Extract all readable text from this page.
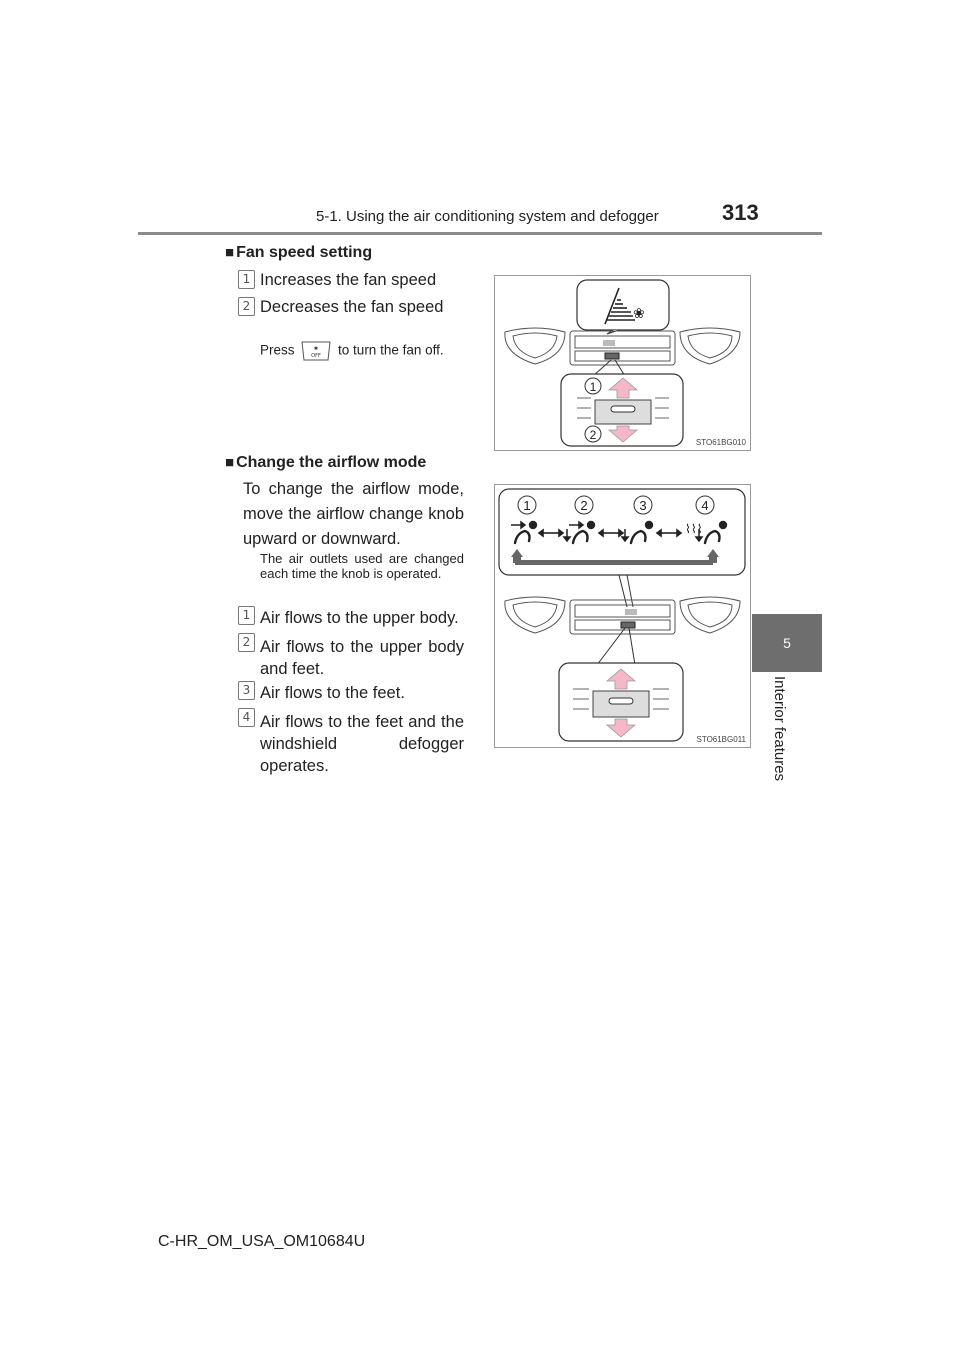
5-1. Using the air conditioning system and defogger	313
5
Interior features
■ Fan speed setting
1 Increases the fan speed
2 Decreases the fan speed
Press	✱
OFF to turn the fan off.
❀
1
2
STO61BG010
■ Change the airflow mode
To change the airflow mode, move the airflow change knob upward or downward.
The air outlets used are changed each time the knob is operated.
1 Air flows to the upper body.
2 Air flows to the upper body and feet.
3 Air flows to the feet.
4 Air flows to the feet and the windshield defogger operates.
1	2	3	4
⌇⌇⌇
STO61BG011
C-HR_OM_USA_OM10684U
